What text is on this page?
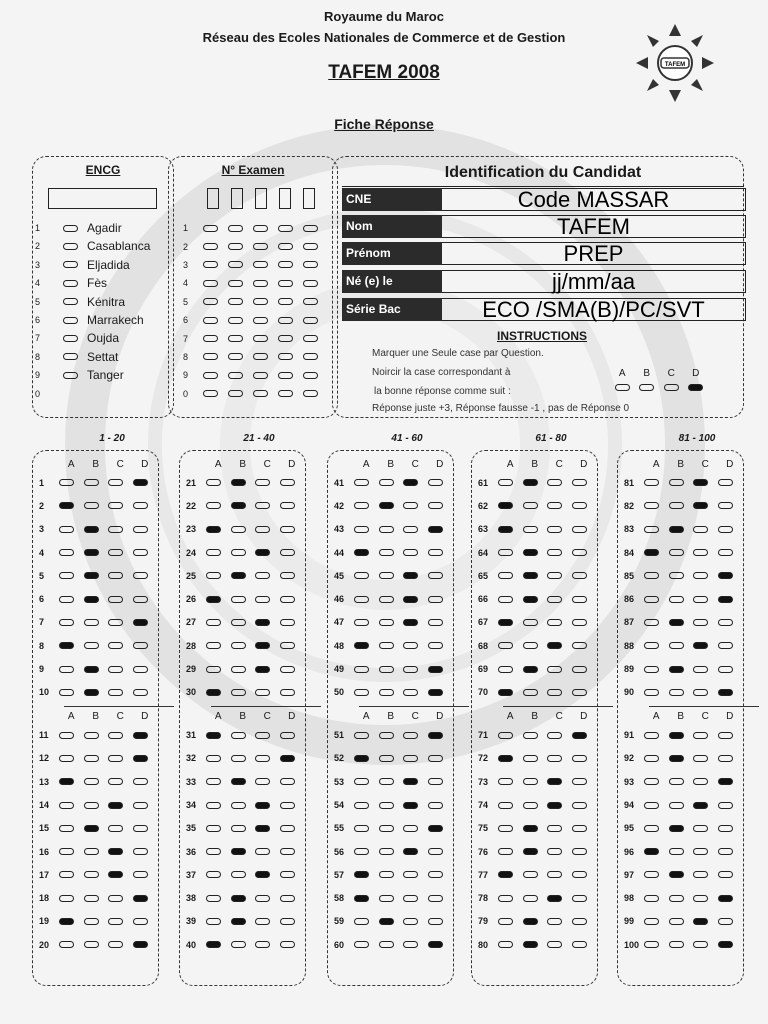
Royaume du Maroc
Réseau des Ecoles Nationales de Commerce et de Gestion
TAFEM 2008
Fiche Réponse
TAFEM
ENCG
1	Agadir
2	Casablanca
3	Eljadida
4	Fès
5	Kénitra
6	Marrakech
7	Oujda
8	Settat
9	Tanger
0
N° Examen
1
2
3
4
5
6
7
8
9
0
Identification du Candidat
CNE	Code MASSAR
Nom	TAFEM
Prénom	PREP
Né (e) le	jj/mm/aa
Série Bac	ECO /SMA(B)/PC/SVT
INSTRUCTIONS
Marquer une Seule case par Question.
Noircir la case correspondant à
la bonne réponse comme suit :
Réponse juste +3, Réponse fausse -1 , pas de Réponse 0
A	B	C	D
1 - 20
A	B	C	D
1
2
3
4
5
6
7
8
9
10
A	B	C	D
11
12
13
14
15
16
17
18
19
20
21 - 40
A	B	C	D
21
22
23
24
25
26
27
28
29
30
A	B	C	D
31
32
33
34
35
36
37
38
39
40
41 - 60
A	B	C	D
41
42
43
44
45
46
47
48
49
50
A	B	C	D
51
52
53
54
55
56
57
58
59
60
61 - 80
A	B	C	D
61
62
63
64
65
66
67
68
69
70
A	B	C	D
71
72
73
74
75
76
77
78
79
80
81 - 100
A	B	C	D
81
82
83
84
85
86
87
88
89
90
A	B	C	D
91
92
93
94
95
96
97
98
99
100
